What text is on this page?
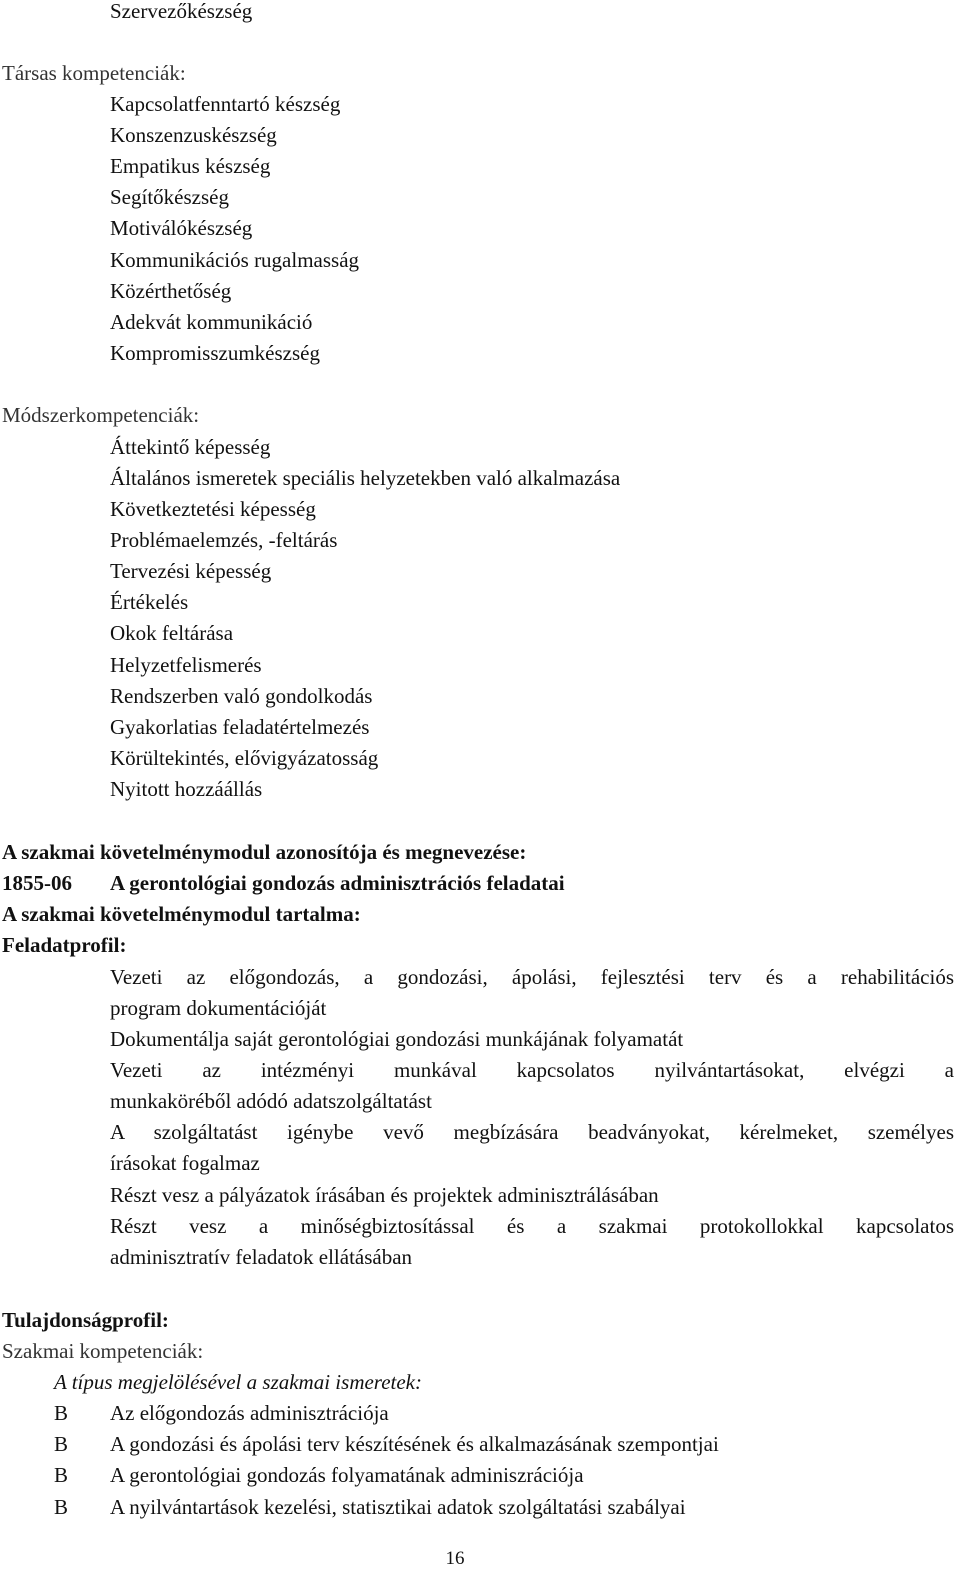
Szervezőkészség
Társas kompetenciák:
Kapcsolatfenntartó készség
Konszenzuskészség
Empatikus készség
Segítőkészség
Motiválókészség
Kommunikációs rugalmasság
Közérthetőség
Adekvát kommunikáció
Kompromisszumkészség
Módszerkompetenciák:
Áttekintő képesség
Általános ismeretek speciális helyzetekben való alkalmazása
Következtetési képesség
Problémaelemzés, -feltárás
Tervezési képesség
Értékelés
Okok feltárása
Helyzetfelismerés
Rendszerben való gondolkodás
Gyakorlatias feladatértelmezés
Körültekintés, elővigyázatosság
Nyitott hozzáállás
A szakmai követelménymodul azonosítója és megnevezése:
1855-06 A gerontológiai gondozás adminisztrációs feladatai
A szakmai követelménymodul tartalma:
Feladatprofil:
Vezeti az előgondozás, a gondozási, ápolási, fejlesztési terv és a rehabilitációs
program dokumentációját
Dokumentálja saját gerontológiai gondozási munkájának folyamatát
Vezeti az intézményi munkával kapcsolatos nyilvántartásokat, elvégzi a
munkaköréből adódó adatszolgáltatást
A szolgáltatást igénybe vevő megbízására beadványokat, kérelmeket, személyes
írásokat fogalmaz
Részt vesz a pályázatok írásában és projektek adminisztrálásában
Részt vesz a minőségbiztosítással és a szakmai protokollokkal kapcsolatos
adminisztratív feladatok ellátásában
Tulajdonságprofil:
Szakmai kompetenciák:
A típus megjelölésével a szakmai ismeretek:
B Az előgondozás adminisztrációja
B A gondozási és ápolási terv készítésének és alkalmazásának szempontjai
B A gerontológiai gondozás folyamatának adminiszrációja
B A nyilvántartások kezelési, statisztikai adatok szolgáltatási szabályai
16
